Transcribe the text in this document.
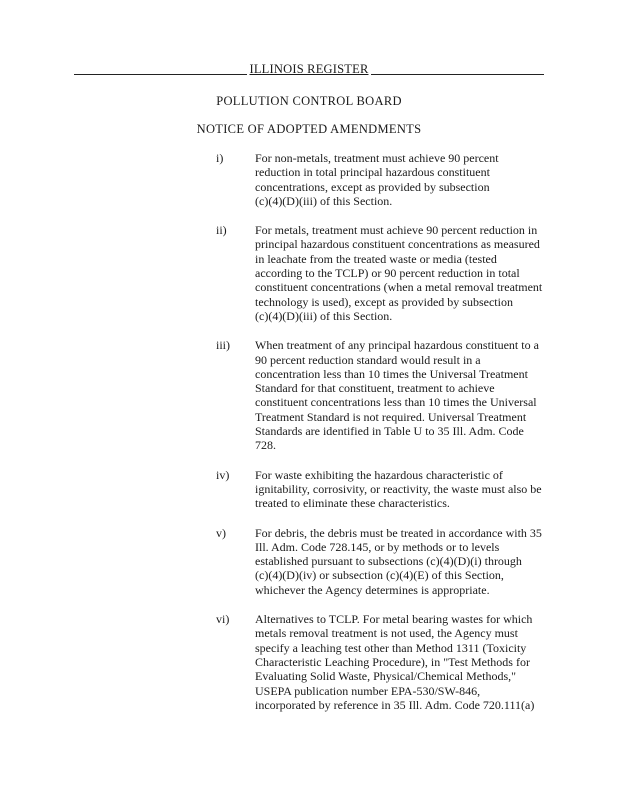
ILLINOIS REGISTER
POLLUTION CONTROL BOARD
NOTICE OF ADOPTED AMENDMENTS
i)	For non-metals, treatment must achieve 90 percent
reduction in total principal hazardous constituent
concentrations, except as provided by subsection
(c)(4)(D)(iii) of this Section.
ii) For metals, treatment must achieve 90 percent reduction in
principal hazardous constituent concentrations as measured
in leachate from the treated waste or media (tested
according to the TCLP) or 90 percent reduction in total
constituent concentrations (when a metal removal treatment
technology is used), except as provided by subsection
(c)(4)(D)(iii) of this Section.
iii) When treatment of any principal hazardous constituent to a
90 percent reduction standard would result in a
concentration less than 10 times the Universal Treatment
Standard for that constituent, treatment to achieve
constituent concentrations less than 10 times the Universal
Treatment Standard is not required. Universal Treatment
Standards are identified in Table U to 35 Ill. Adm. Code
728.
iv) For waste exhibiting the hazardous characteristic of
ignitability, corrosivity, or reactivity, the waste must also be
treated to eliminate these characteristics.
v) For debris, the debris must be treated in accordance with 35
Ill. Adm. Code 728.145, or by methods or to levels
established pursuant to subsections (c)(4)(D)(i) through
(c)(4)(D)(iv) or subsection (c)(4)(E) of this Section,
whichever the Agency determines is appropriate.
vi) Alternatives to TCLP. For metal bearing wastes for which
metals removal treatment is not used, the Agency must
specify a leaching test other than Method 1311 (Toxicity
Characteristic Leaching Procedure), in "Test Methods for
Evaluating Solid Waste, Physical/Chemical Methods,"
USEPA publication number EPA-530/SW-846,
incorporated by reference in 35 Ill. Adm. Code 720.111(a)
